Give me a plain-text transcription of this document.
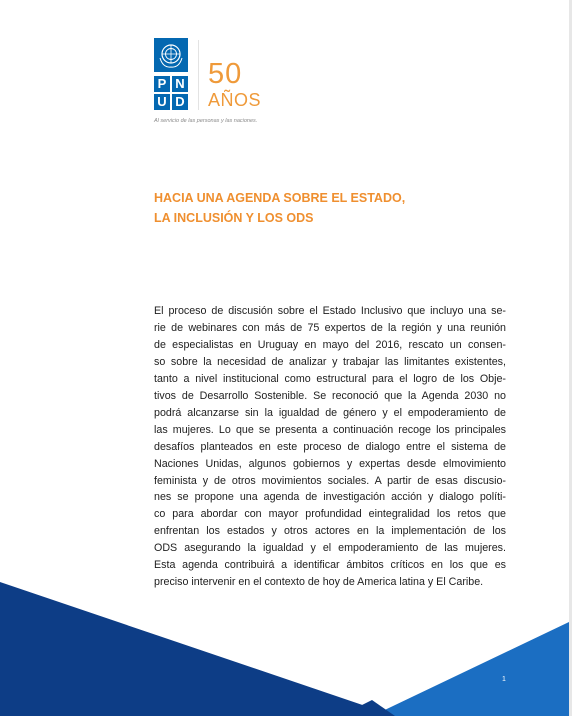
P N
U D
50
AÑOS
Al servicio de las personas y las naciones.
HACIA UNA AGENDA SOBRE EL ESTADO,
LA INCLUSIÓN Y LOS ODS
El proceso de discusión sobre el Estado Inclusivo que incluyo una se-
rie de webinares con más de 75 expertos de la región y una reunión
de especialistas en Uruguay en mayo del 2016, rescato un consen-
so sobre la necesidad de analizar y trabajar las limitantes existentes,
tanto a nivel institucional como estructural para el logro de los Obje-
tivos de Desarrollo Sostenible. Se reconoció que la Agenda 2030 no
podrá alcanzarse sin la igualdad de género y el empoderamiento de
las mujeres. Lo que se presenta a continuación recoge los principales
desafíos planteados en este proceso de dialogo entre el sistema de
Naciones Unidas, algunos gobiernos y expertas desde elmovimiento
feminista y de otros movimientos sociales. A partir de esas discusio-
nes se propone una agenda de investigación acción y dialogo políti-
co para abordar con mayor profundidad eintegralidad los retos que
enfrentan los estados y otros actores en la implementación de los
ODS asegurando la igualdad y el empoderamiento de las mujeres.
Esta agenda contribuirá a identificar ámbitos críticos en los que es
preciso intervenir en el contexto de hoy de America latina y El Caribe.
1
